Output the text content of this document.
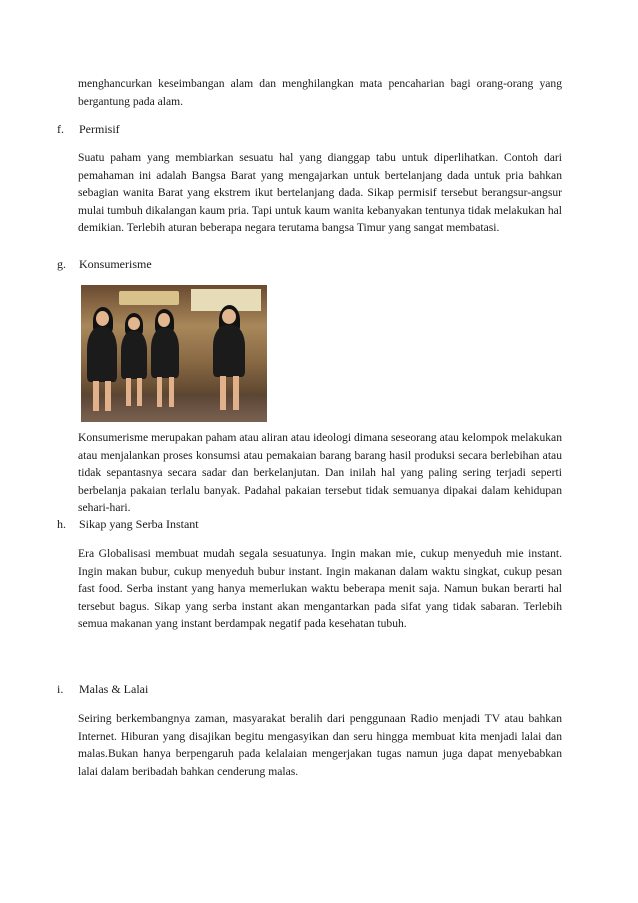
menghancurkan keseimbangan alam dan menghilangkan mata pencaharian bagi orang-orang yang bergantung pada alam.

f. Permisif

Suatu paham yang membiarkan sesuatu hal yang dianggap tabu untuk diperlihatkan. Contoh dari pemahaman ini adalah Bangsa Barat yang mengajarkan untuk bertelanjang dada untuk pria bahkan sebagian wanita Barat yang ekstrem ikut bertelanjang dada. Sikap permisif tersebut berangsur-angsur mulai tumbuh dikalangan kaum pria. Tapi untuk kaum wanita kebanyakan tentunya tidak melakukan hal demikian. Terlebih aturan beberapa negara terutama bangsa Timur yang sangat membatasi.

g. Konsumerisme

Konsumerisme merupakan paham atau aliran atau ideologi dimana seseorang atau kelompok melakukan atau menjalankan proses konsumsi atau pemakaian barang barang hasil produksi secara berlebihan atau tidak sepantasnya secara sadar dan berkelanjutan. Dan inilah hal yang paling sering terjadi seperti berbelanja pakaian terlalu banyak. Padahal pakaian tersebut tidak semuanya dipakai dalam kehidupan sehari-hari.

h. Sikap yang Serba Instant

Era Globalisasi membuat mudah segala sesuatunya. Ingin makan mie, cukup menyeduh mie instant. Ingin makan bubur, cukup menyeduh bubur instant. Ingin makanan dalam waktu singkat, cukup pesan fast food. Serba instant yang hanya memerlukan waktu beberapa menit saja. Namun bukan berarti hal tersebut bagus. Sikap yang serba instant akan mengantarkan pada sifat yang tidak sabaran. Terlebih semua makanan yang instant berdampak negatif pada kesehatan tubuh.

i. Malas & Lalai

Seiring berkembangnya zaman, masyarakat beralih dari penggunaan Radio menjadi TV atau bahkan Internet. Hiburan yang disajikan begitu mengasyikan dan seru hingga membuat kita menjadi lalai dan malas.Bukan hanya berpengaruh pada kelalaian mengerjakan tugas namun juga dapat menyebabkan lalai dalam beribadah bahkan cenderung malas.
